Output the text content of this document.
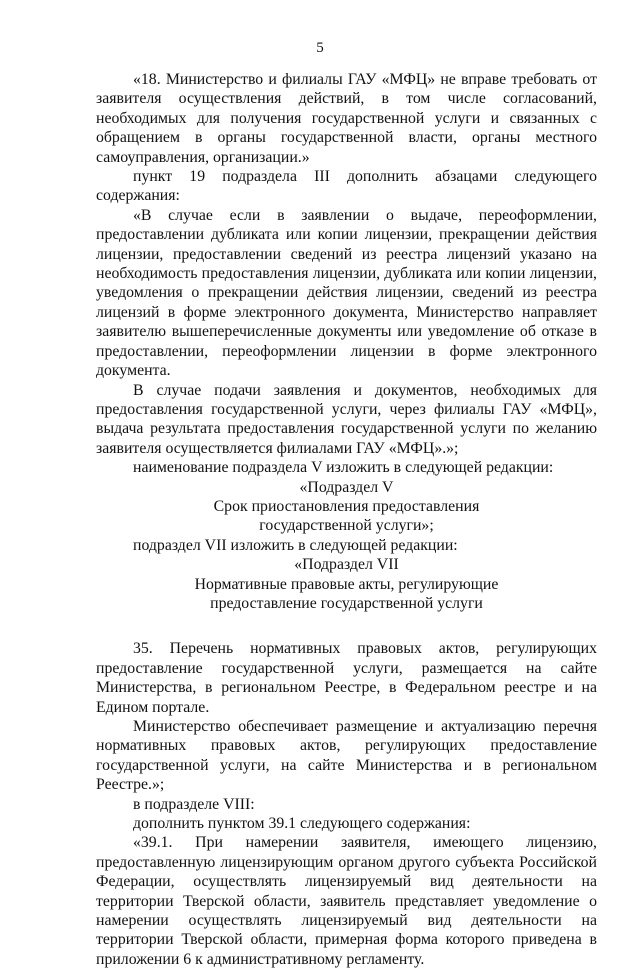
5

«18. Министерство и филиалы ГАУ «МФЦ» не вправе требовать от заявителя осуществления действий, в том числе согласований, необходимых для получения государственной услуги и связанных с обращением в органы государственной власти, органы местного самоуправления, организации.»

пункт 19 подраздела III дополнить абзацами следующего содержания:

«В случае если в заявлении о выдаче, переоформлении, предоставлении дубликата или копии лицензии, прекращении действия лицензии, предоставлении сведений из реестра лицензий указано на необходимость предоставления лицензии, дубликата или копии лицензии, уведомления о прекращении действия лицензии, сведений из реестра лицензий в форме электронного документа, Министерство направляет заявителю вышеперечисленные документы или уведомление об отказе в предоставлении, переоформлении лицензии в форме электронного документа.

В случае подачи заявления и документов, необходимых для предоставления государственной услуги, через филиалы ГАУ «МФЦ», выдача результата предоставления государственной услуги по желанию заявителя осуществляется филиалами ГАУ «МФЦ».»;

наименование подраздела V изложить в следующей редакции:

«Подраздел V

Срок приостановления предоставления

государственной услуги»;

подраздел VII изложить в следующей редакции:

«Подраздел VII

Нормативные правовые акты, регулирующие

предоставление государственной услуги

35. Перечень нормативных правовых актов, регулирующих предоставление государственной услуги, размещается на сайте Министерства, в региональном Реестре, в Федеральном реестре и на Едином портале.

Министерство обеспечивает размещение и актуализацию перечня нормативных правовых актов, регулирующих предоставление государственной услуги, на сайте Министерства и в региональном Реестре.»;

в подразделе VIII:

дополнить пунктом 39.1 следующего содержания:

«39.1. При намерении заявителя, имеющего лицензию, предоставленную лицензирующим органом другого субъекта Российской Федерации, осуществлять лицензируемый вид деятельности на территории Тверской области, заявитель представляет уведомление о намерении осуществлять лицензируемый вид деятельности на территории Тверской области, примерная форма которого приведена в приложении 6 к административному регламенту.
